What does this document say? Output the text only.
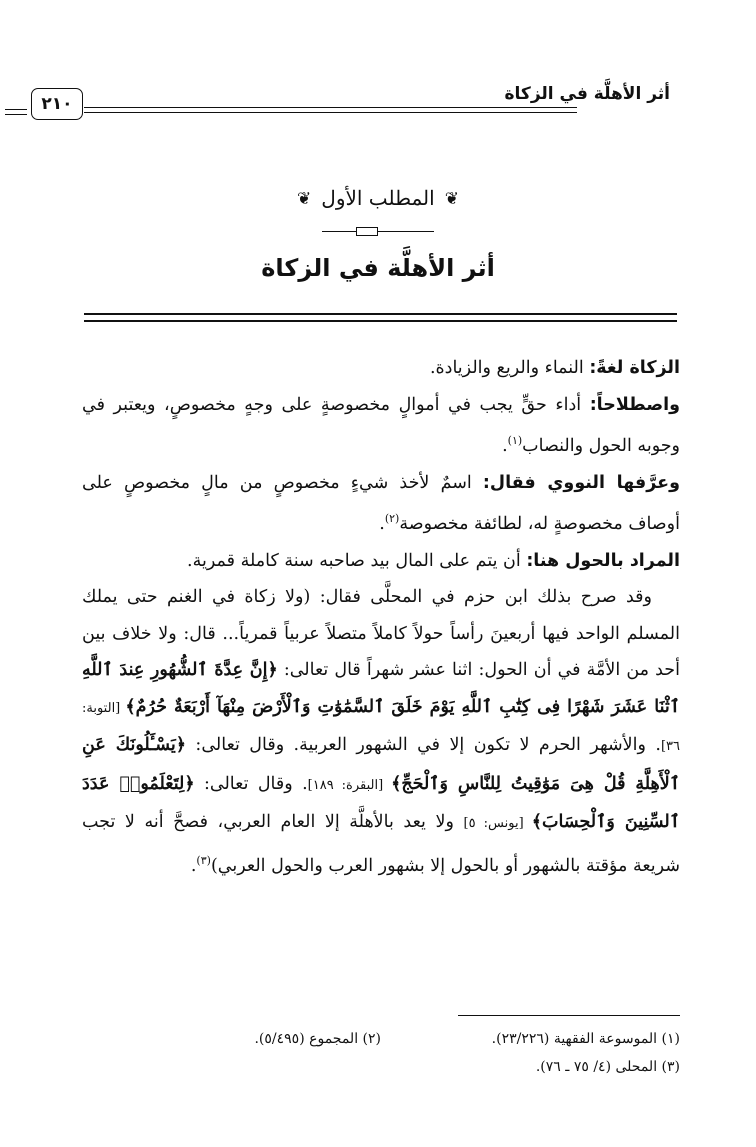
أثر الأهلَّة في الزكاة
٢١٠
❦المطلب الأول❦
أثر الأهلَّة في الزكاة

الزكاة لغةً: النماء والريع والزيادة.

واصطلاحاً: أداء حقٍّ يجب في أموالٍ مخصوصةٍ على وجهٍ مخصوصٍ، ويعتبر في وجوبه الحول والنصاب$^{(١)}$.

وعرَّفها النووي فقال: اسمٌ لأخذ شيءٍ مخصوصٍ من مالٍ مخصوصٍ على أوصاف مخصوصةٍ له، لطائفة مخصوصة$^{(٢)}$.

المراد بالحول هنا: أن يتم على المال بيد صاحبه سنة كاملة قمرية.

وقد صرح بذلك ابن حزم في المحلَّى فقال: (ولا زكاة في الغنم حتى يملك المسلم الواحد فيها أربعينَ رأساً حولاً كاملاً متصلاً عربياً قمرياً... قال: ولا خلاف بين أحد من الأمَّة في أن الحول: اثنا عشر شهراً قال تعالى: ﴿إِنَّ عِدَّةَ ٱلشُّهُورِ عِندَ ٱللَّهِ ٱثْنَا عَشَرَ شَهْرًا فِى كِتَٰبِ ٱللَّهِ يَوْمَ خَلَقَ ٱلسَّمَٰوَٰتِ وَٱلْأَرْضَ مِنْهَآ أَرْبَعَةٌ حُرُمٌ﴾ [التوبة: ٣٦]. والأشهر الحرم لا تكون إلا في الشهور العربية. وقال تعالى: ﴿يَسْـَٔلُونَكَ عَنِ ٱلْأَهِلَّةِ قُلْ هِىَ مَوَٰقِيتُ لِلنَّاسِ وَٱلْحَجِّ﴾ [البقرة: ١٨٩]. وقال تعالى: ﴿لِتَعْلَمُوا۟ عَدَدَ ٱلسِّنِينَ وَٱلْحِسَابَ﴾ [يونس: ٥] ولا يعد بالأهلَّة إلا العام العربي، فصحَّ أنه لا تجب شريعة مؤقتة بالشهور أو بالحول إلا بشهور العرب والحول العربي)$^{(٣)}$.

(١) الموسوعة الفقهية (٢٣/٢٢٦).
(٢) المجموع (٥/٤٩٥).
(٣) المحلى (٤/ ٧٥ ـ ٧٦).
